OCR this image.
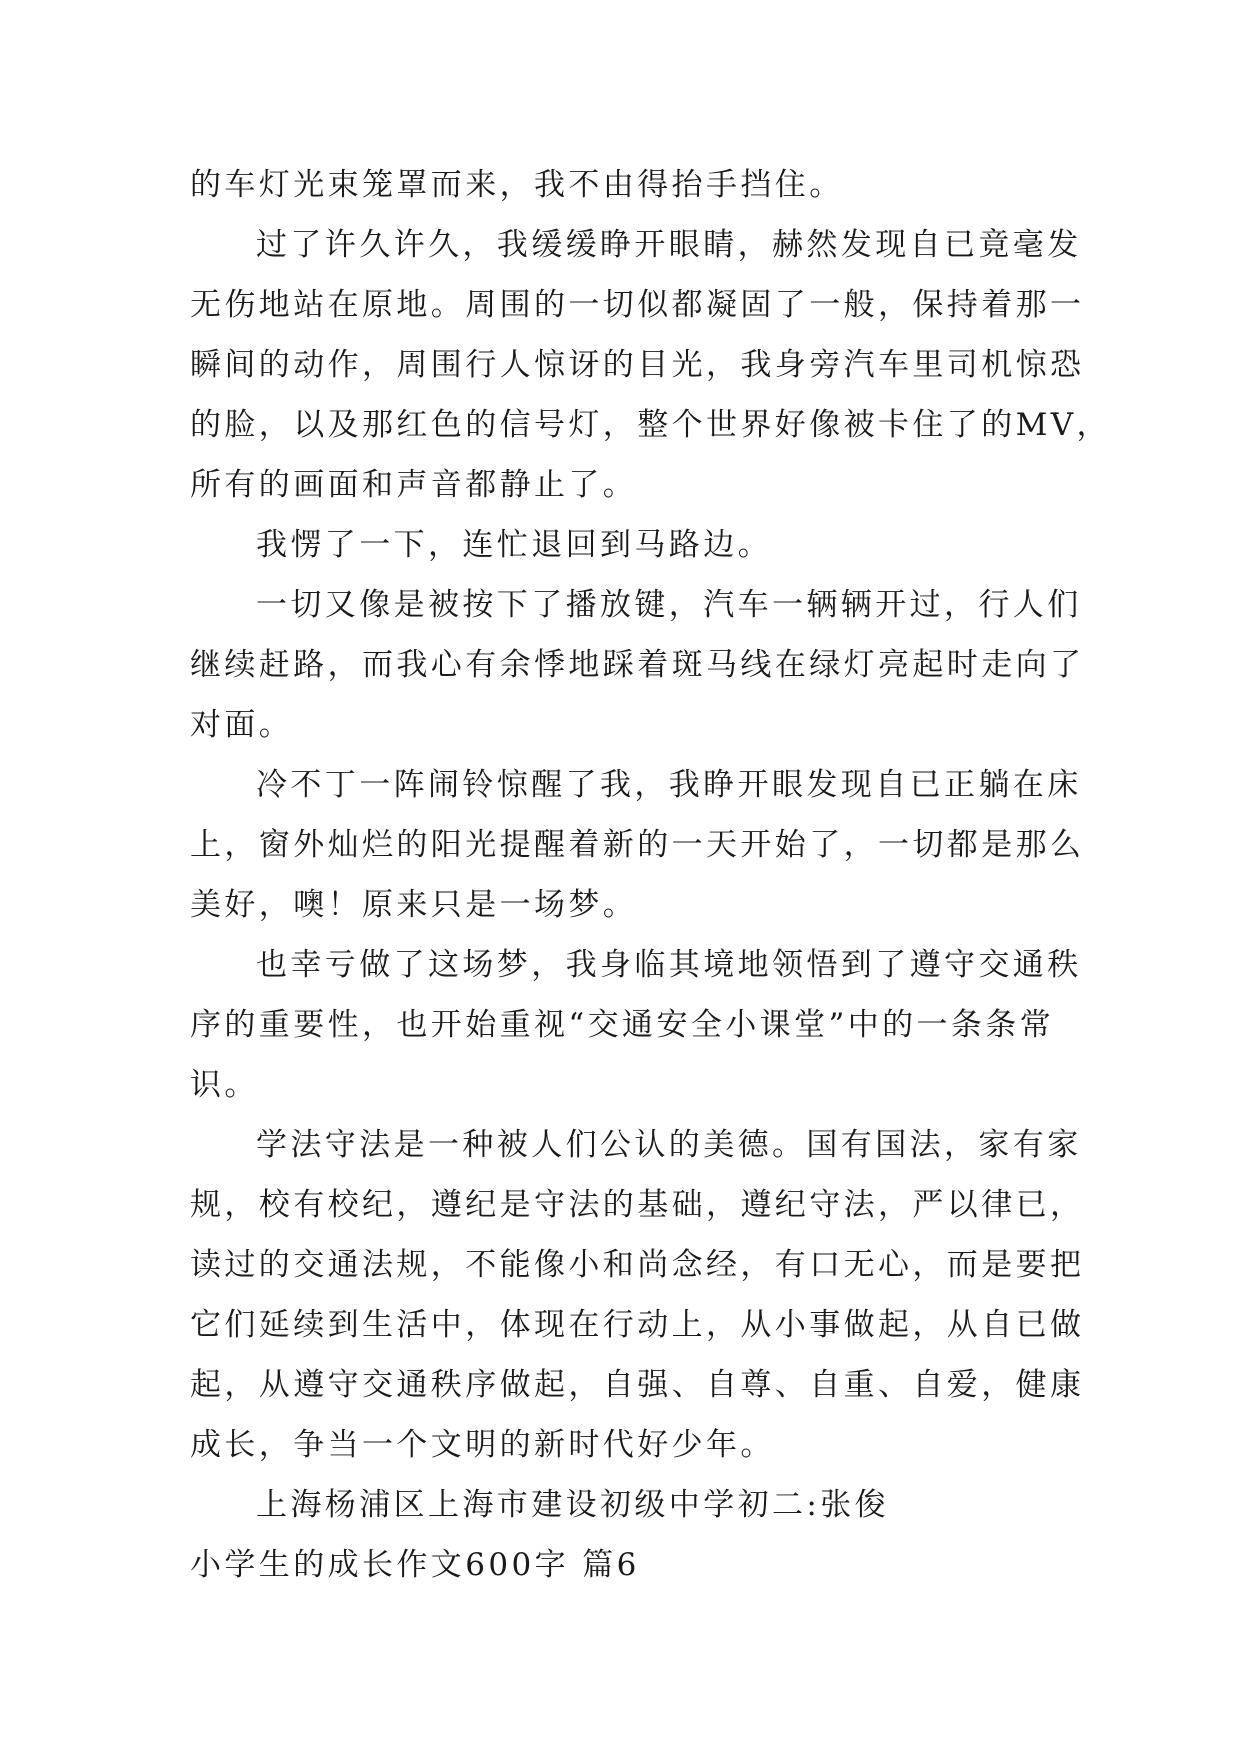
的车灯光束笼罩而来，我不由得抬手挡住。
过了许久许久，我缓缓睁开眼睛，赫然发现自已竟毫发
无伤地站在原地。周围的一切似都凝固了一般，保持着那一
瞬间的动作，周围行人惊讶的目光，我身旁汽车里司机惊恐
的脸，以及那红色的信号灯，整个世界好像被卡住了的MV，
所有的画面和声音都静止了。
我愣了一下，连忙退回到马路边。
一切又像是被按下了播放键，汽车一辆辆开过，行人们
继续赶路，而我心有余悸地踩着斑马线在绿灯亮起时走向了
对面。
冷不丁一阵闹铃惊醒了我，我睁开眼发现自已正躺在床
上，窗外灿烂的阳光提醒着新的一天开始了，一切都是那么
美好，噢！原来只是一场梦。
也幸亏做了这场梦，我身临其境地领悟到了遵守交通秩
序的重要性，也开始重视“交通安全小课堂”中的一条条常
识。
学法守法是一种被人们公认的美德。国有国法，家有家
规，校有校纪，遵纪是守法的基础，遵纪守法，严以律已，
读过的交通法规，不能像小和尚念经，有口无心，而是要把
它们延续到生活中，体现在行动上，从小事做起，从自已做
起，从遵守交通秩序做起，自强、自尊、自重、自爱，健康
成长，争当一个文明的新时代好少年。
上海杨浦区上海市建设初级中学初二:张俊
小学生的成长作文600字 篇6
